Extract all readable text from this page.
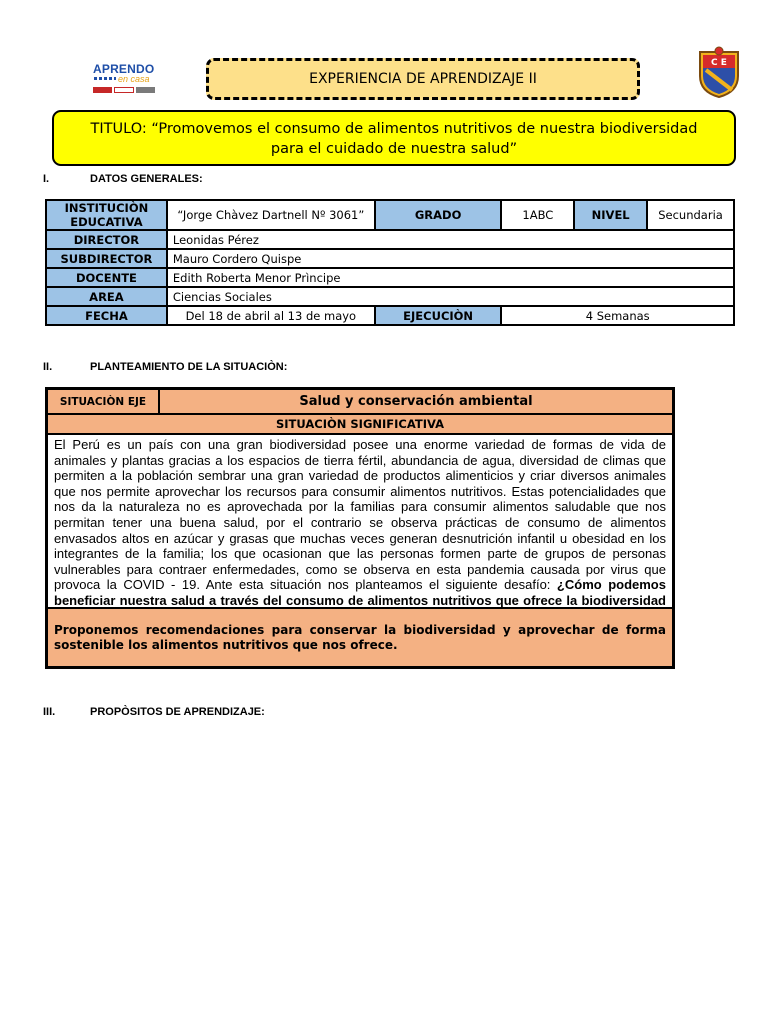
APRENDO
en casa	EXPERIENCIA DE APRENDIZAJE II
C E
TITULO: “Promovemos el consumo de alimentos nutritivos de nuestra biodiversidad
para el cuidado de nuestra salud”
I.	DATOS GENERALES:
INSTITUCIÒN EDUCATIVA	“Jorge Chàvez Dartnell Nº 3061”	GRADO	1ABC	NIVEL	Secundaria
DIRECTOR	Leonidas Pérez				
SUBDIRECTOR	Mauro Cordero Quispe				
DOCENTE	Edith Roberta Menor Prìncipe				
AREA	Ciencias Sociales				
FECHA	Del 18 de abril al 13 de mayo	EJECUCIÒN	4 Semanas		
II.	PLANTEAMIENTO DE LA SITUACIÒN:
SITUACIÒN EJE	Salud y conservación ambiental
SITUACIÒN SIGNIFICATIVA
El Perú es un país con una gran biodiversidad posee una enorme variedad de formas de vida de animales y plantas gracias a los espacios de tierra fértil, abundancia de agua, diversidad de climas que permiten a la población sembrar una gran variedad de productos alimenticios y criar diversos animales que nos permite aprovechar los recursos para consumir alimentos nutritivos. Estas potencialidades que nos da la naturaleza no es aprovechada por la familias para consumir alimentos saludable que nos permitan tener una buena salud, por el contrario se observa prácticas de consumo de alimentos envasados altos en azúcar y grasas que muchas veces generan desnutrición infantil u obesidad en los integrantes de la familia; los que ocasionan que las personas formen parte de grupos de personas vulnerables para contraer enfermedades, como se observa en esta pandemia causada por virus que provoca la COVID - 19. Ante esta situación nos planteamos el siguiente desafío: ¿Cómo podemos beneficiar nuestra salud a través del consumo de alimentos nutritivos que ofrece la biodiversidad
Proponemos recomendaciones para conservar la biodiversidad y aprovechar de forma sostenible los alimentos nutritivos que nos ofrece.
III.	PROPÒSITOS DE APRENDIZAJE:
